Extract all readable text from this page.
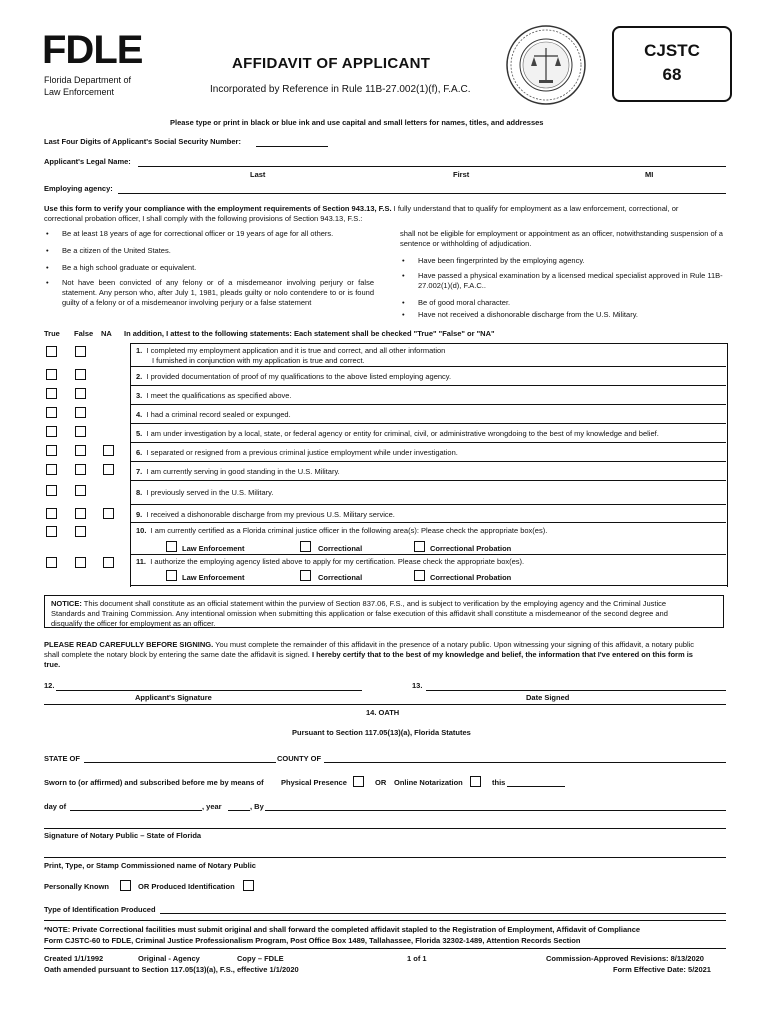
FDLE
Florida Department of
Law Enforcement
AFFIDAVIT OF APPLICANT
Incorporated by Reference in Rule 11B-27.002(1)(f), F.A.C.
CJSTC
68
Please type or print in black or blue ink and use capital and small letters for names, titles, and addresses
Last Four Digits of Applicant's Social Security Number:
Applicant's Legal Name:
Last	First	MI
Employing agency:
Use this form to verify your compliance with the employment requirements of Section 943.13, F.S. I fully understand that to qualify for employment as a law enforcement, correctional, or
correctional probation officer, I shall comply with the following provisions of Section 943.13, F.S.:
• Be at least 18 years of age for correctional officer or 19 years of age for all others.
• Be a citizen of the United States.
• Be a high school graduate or equivalent.
• Not have been convicted of any felony or of a misdemeanor involving perjury or false statement. Any person who, after July 1, 1981, pleads guilty or nolo contendere to or is found guilty of a felony or of a misdemeanor involving perjury or a false statement
shall not be eligible for employment or appointment as an officer, notwithstanding suspension of a sentence or withholding of adjudication.
• Have been fingerprinted by the employing agency.
• Have passed a physical examination by a licensed medical specialist approved in Rule 11B-27.002(1)(d), F.A.C..
• Be of good moral character.
• Have not received a dishonorable discharge from the U.S. Military.
True False NA In addition, I attest to the following statements: Each statement shall be checked "True" "False" or "NA"
1. I completed my employment application and it is true and correct, and all other information
I furnished in conjunction with my application is true and correct.
2. I provided documentation of proof of my qualifications to the above listed employing agency.
3. I meet the qualifications as specified above.
4. I had a criminal record sealed or expunged.
5. I am under investigation by a local, state, or federal agency or entity for criminal, civil, or administrative wrongdoing to the best of my knowledge and belief.
6. I separated or resigned from a previous criminal justice employment while under investigation.
7. I am currently serving in good standing in the U.S. Military.
8. I previously served in the U.S. Military.
9. I received a dishonorable discharge from my previous U.S. Military service.
10. I am currently certified as a Florida criminal justice officer in the following area(s): Please check the appropriate box(es).
Law Enforcement	Correctional	Correctional Probation
11. I authorize the employing agency listed above to apply for my certification. Please check the appropriate box(es).
Law Enforcement	Correctional	Correctional Probation
NOTICE: This document shall constitute as an official statement within the purview of Section 837.06, F.S., and is subject to verification by the employing agency and the Criminal Justice
Standards and Training Commission. Any intentional omission when submitting this application or false execution of this affidavit shall constitute a misdemeanor of the second degree and
disqualify the officer for employment as an officer.
PLEASE READ CAREFULLY BEFORE SIGNING. You must complete the remainder of this affidavit in the presence of a notary public. Upon witnessing your signing of this affidavit, a notary public
shall complete the notary block by entering the same date the affidavit is signed. I hereby certify that to the best of my knowledge and belief, the information that I've entered on this form is
true.
12.
Applicant's Signature
13.
Date Signed
14. OATH
Pursuant to Section 117.05(13)(a), Florida Statutes
STATE OF	COUNTY OF
Sworn to (or affirmed) and subscribed before me by means of Physical Presence	OR Online Notarization	this
day of	, year	, By
Signature of Notary Public – State of Florida
Print, Type, or Stamp Commissioned name of Notary Public
Personally Known	OR Produced Identification
Type of Identification Produced
*NOTE: Private Correctional facilities must submit original and shall forward the completed affidavit stapled to the Registration of Employment, Affidavit of Compliance
Form CJSTC-60 to FDLE, Criminal Justice Professionalism Program, Post Office Box 1489, Tallahassee, Florida 32302-1489, Attention Records Section
Created 1/1/1992	Original - Agency	Copy – FDLE	1 of 1	Commission-Approved Revisions: 8/13/2020
Oath amended pursuant to Section 117.05(13)(a), F.S., effective 1/1/2020	Form Effective Date: 5/2021
